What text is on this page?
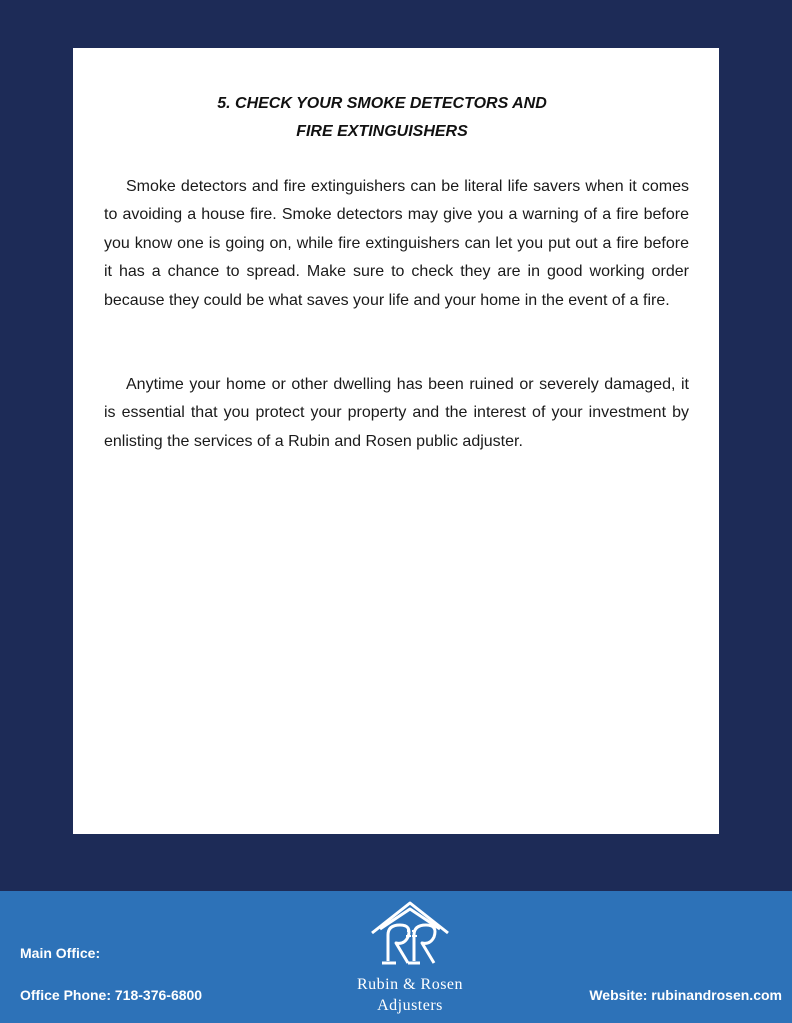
5. CHECK YOUR SMOKE DETECTORS AND
FIRE EXTINGUISHERS

Smoke detectors and fire extinguishers can be literal life savers when it comes to avoiding a house fire. Smoke detectors may give you a warning of a fire before you know one is going on, while fire extinguishers can let you put out a fire before it has a chance to spread. Make sure to check they are in good working order because they could be what saves your life and your home in the event of a fire.

Anytime your home or other dwelling has been ruined or severely damaged, it is essential that you protect your property and the interest of your investment by enlisting the services of a Rubin and Rosen public adjuster.

Main Office:
Office Phone: 718-376-6800
Rubin & Rosen
Adjusters
Website: rubinandrosen.com
